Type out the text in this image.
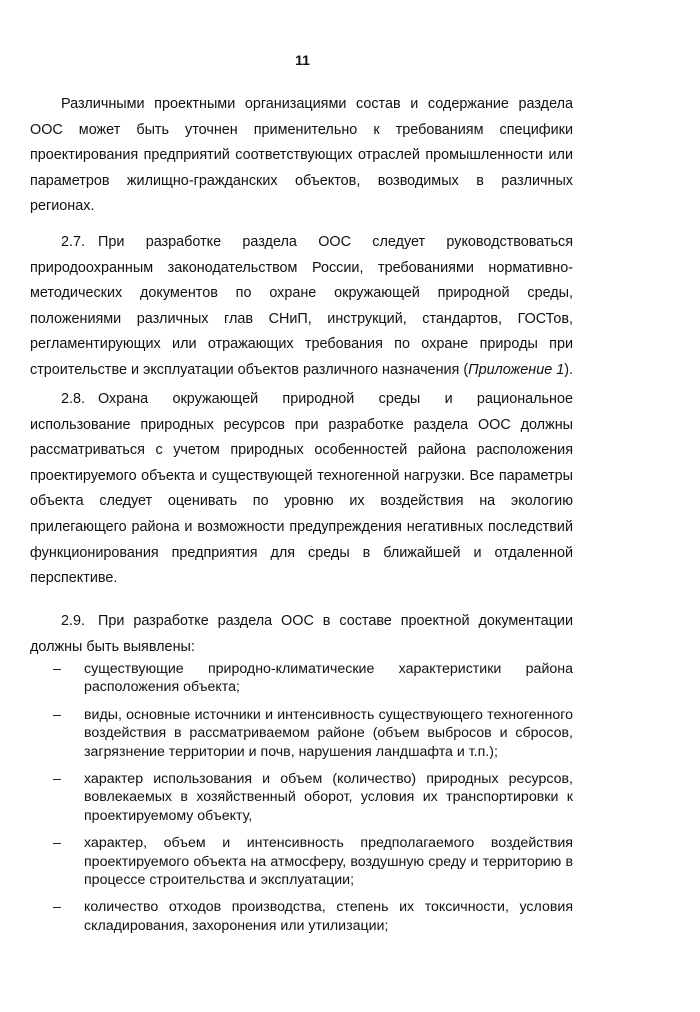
11

Различными проектными организациями состав и содержание раздела ООС может быть уточнен применительно к требованиям специфики проектирования предприятий соответствующих отраслей промышленности или параметров жилищно-гражданских объектов, возводимых в различных регионах.

2.7. При разработке раздела ООС следует руководствоваться природоохранным законодательством России, требованиями нормативно-методических документов по охране окружающей природной среды, положениями различных глав СНиП, инструкций, стандартов, ГОСТов, регламентирующих или отражающих требования по охране природы при строительстве и эксплуатации объектов различного назначения (Приложение 1).

2.8. Охрана окружающей природной среды и рациональное использование природных ресурсов при разработке раздела ООС должны рассматриваться с учетом природных особенностей района расположения проектируемого объекта и существующей техногенной нагрузки. Все параметры объекта следует оценивать по уровню их воздействия на экологию прилегающего района и возможности предупреждения негативных последствий функционирования предприятия для среды в ближайшей и отдаленной перспективе.

2.9. При разработке раздела ООС в составе проектной документации должны быть выявлены:

– существующие природно-климатические характеристики района расположения объекта;
– виды, основные источники и интенсивность существующего техногенного воздействия в рассматриваемом районе (объем выбросов и сбросов, загрязнение территории и почв, нарушения ландшафта и т.п.);
– характер использования и объем (количество) природных ресурсов, вовлекаемых в хозяйственный оборот, условия их транспортировки к проектируемому объекту,
– характер, объем и интенсивность предполагаемого воздействия проектируемого объекта на атмосферу, воздушную среду и территорию в процессе строительства и эксплуатации;
– количество отходов производства, степень их токсичности, условия складирования, захоронения или утилизации;
